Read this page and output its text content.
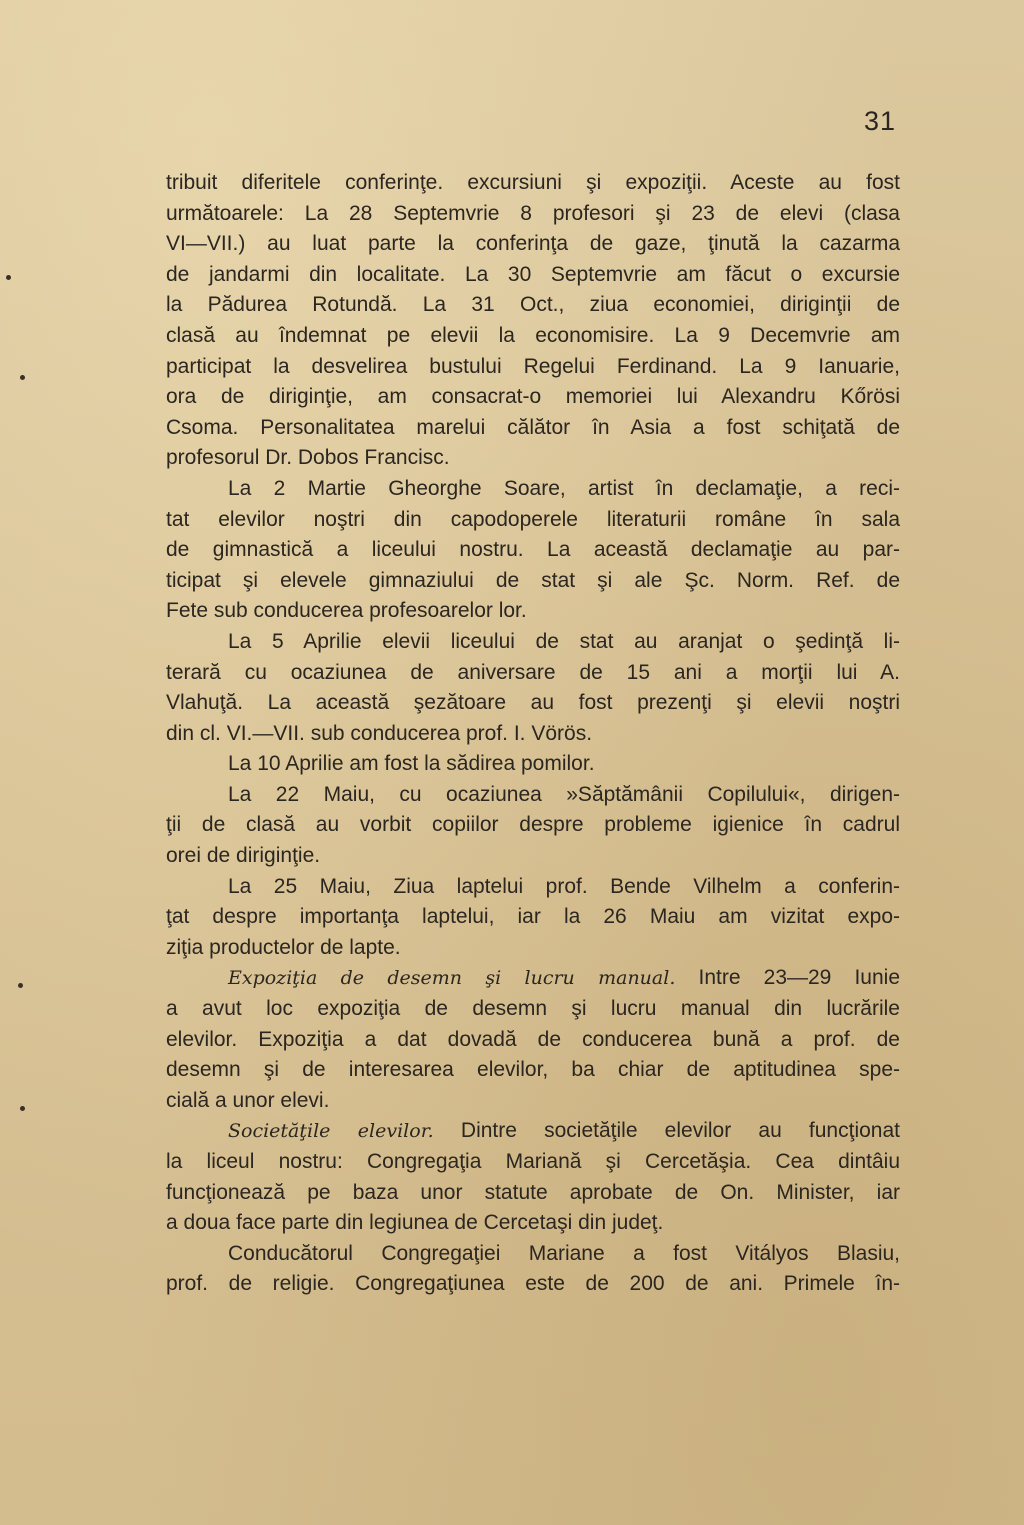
31
tribuit diferitele conferinţe. excursiuni şi expoziţii. Aceste au fost
următoarele: La 28 Septemvrie 8 profesori şi 23 de elevi (clasa
VI—VII.) au luat parte la conferinţa de gaze, ţinută la cazarma
de jandarmi din localitate. La 30 Septemvrie am făcut o excursie
la Pădurea Rotundă. La 31 Oct., ziua economiei, diriginţii de
clasă au îndemnat pe elevii la economisire. La 9 Decemvrie am
participat la desvelirea bustului Regelui Ferdinand. La 9 Ianuarie,
ora de diriginţie, am consacrat-o memoriei lui Alexandru Kőrösi
Csoma. Personalitatea marelui călător în Asia a fost schiţată de
profesorul Dr. Dobos Francisc.
La 2 Martie Gheorghe Soare, artist în declamaţie, a reci-
tat elevilor noştri din capodoperele literaturii române în sala
de gimnastică a liceului nostru. La această declamaţie au par-
ticipat şi elevele gimnaziului de stat şi ale Şc. Norm. Ref. de
Fete sub conducerea profesoarelor lor.
La 5 Aprilie elevii liceului de stat au aranjat o şedinţă li-
terară cu ocaziunea de aniversare de 15 ani a morţii lui A.
Vlahuţă. La această şezătoare au fost prezenţi şi elevii noştri
din cl. VI.—VII. sub conducerea prof. I. Vörös.
La 10 Aprilie am fost la sădirea pomilor.
La 22 Maiu, cu ocaziunea »Săptămânii Copilului«, dirigen-
ţii de clasă au vorbit copiilor despre probleme igienice în cadrul
orei de diriginţie.
La 25 Maiu, Ziua laptelui prof. Bende Vilhelm a conferin-
ţat despre importanţa laptelui, iar la 26 Maiu am vizitat expo-
ziţia productelor de lapte.
Expoziţia de desemn şi lucru manual. Intre 23—29 Iunie
a avut loc expoziţia de desemn şi lucru manual din lucrările
elevilor. Expoziţia a dat dovadă de conducerea bună a prof. de
desemn şi de interesarea elevilor, ba chiar de aptitudinea spe-
cială a unor elevi.
Societăţile elevilor. Dintre societăţile elevilor au funcţionat
la liceul nostru: Congregaţia Mariană şi Cercetăşia. Cea dintâiu
funcţionează pe baza unor statute aprobate de On. Minister, iar
a doua face parte din legiunea de Cercetaşi din judeţ.
Conducătorul Congregaţiei Mariane a fost Vitályos Blasiu,
prof. de religie. Congregaţiunea este de 200 de ani. Primele în-
